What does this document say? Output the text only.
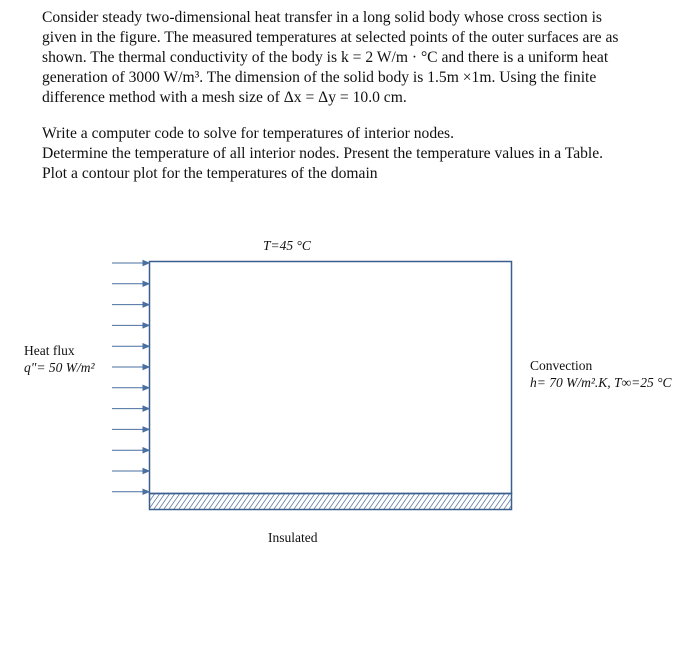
Consider steady two-dimensional heat transfer in a long solid body whose cross section is
given in the figure. The measured temperatures at selected points of the outer surfaces are as
shown. The thermal conductivity of the body is k = 2 W/m · °C and there is a uniform heat
generation of 3000 W/m³. The dimension of the solid body is 1.5m ×1m. Using the finite
difference method with a mesh size of Δx = Δy = 10.0 cm.

Write a computer code to solve for temperatures of interior nodes.
Determine the temperature of all interior nodes. Present the temperature values in a Table.
Plot a contour plot for the temperatures of the domain

T=45 °C
Heat flux
q"= 50 W/m²	Convection
h= 70 W/m².K, T∞=25 °C
Insulated
